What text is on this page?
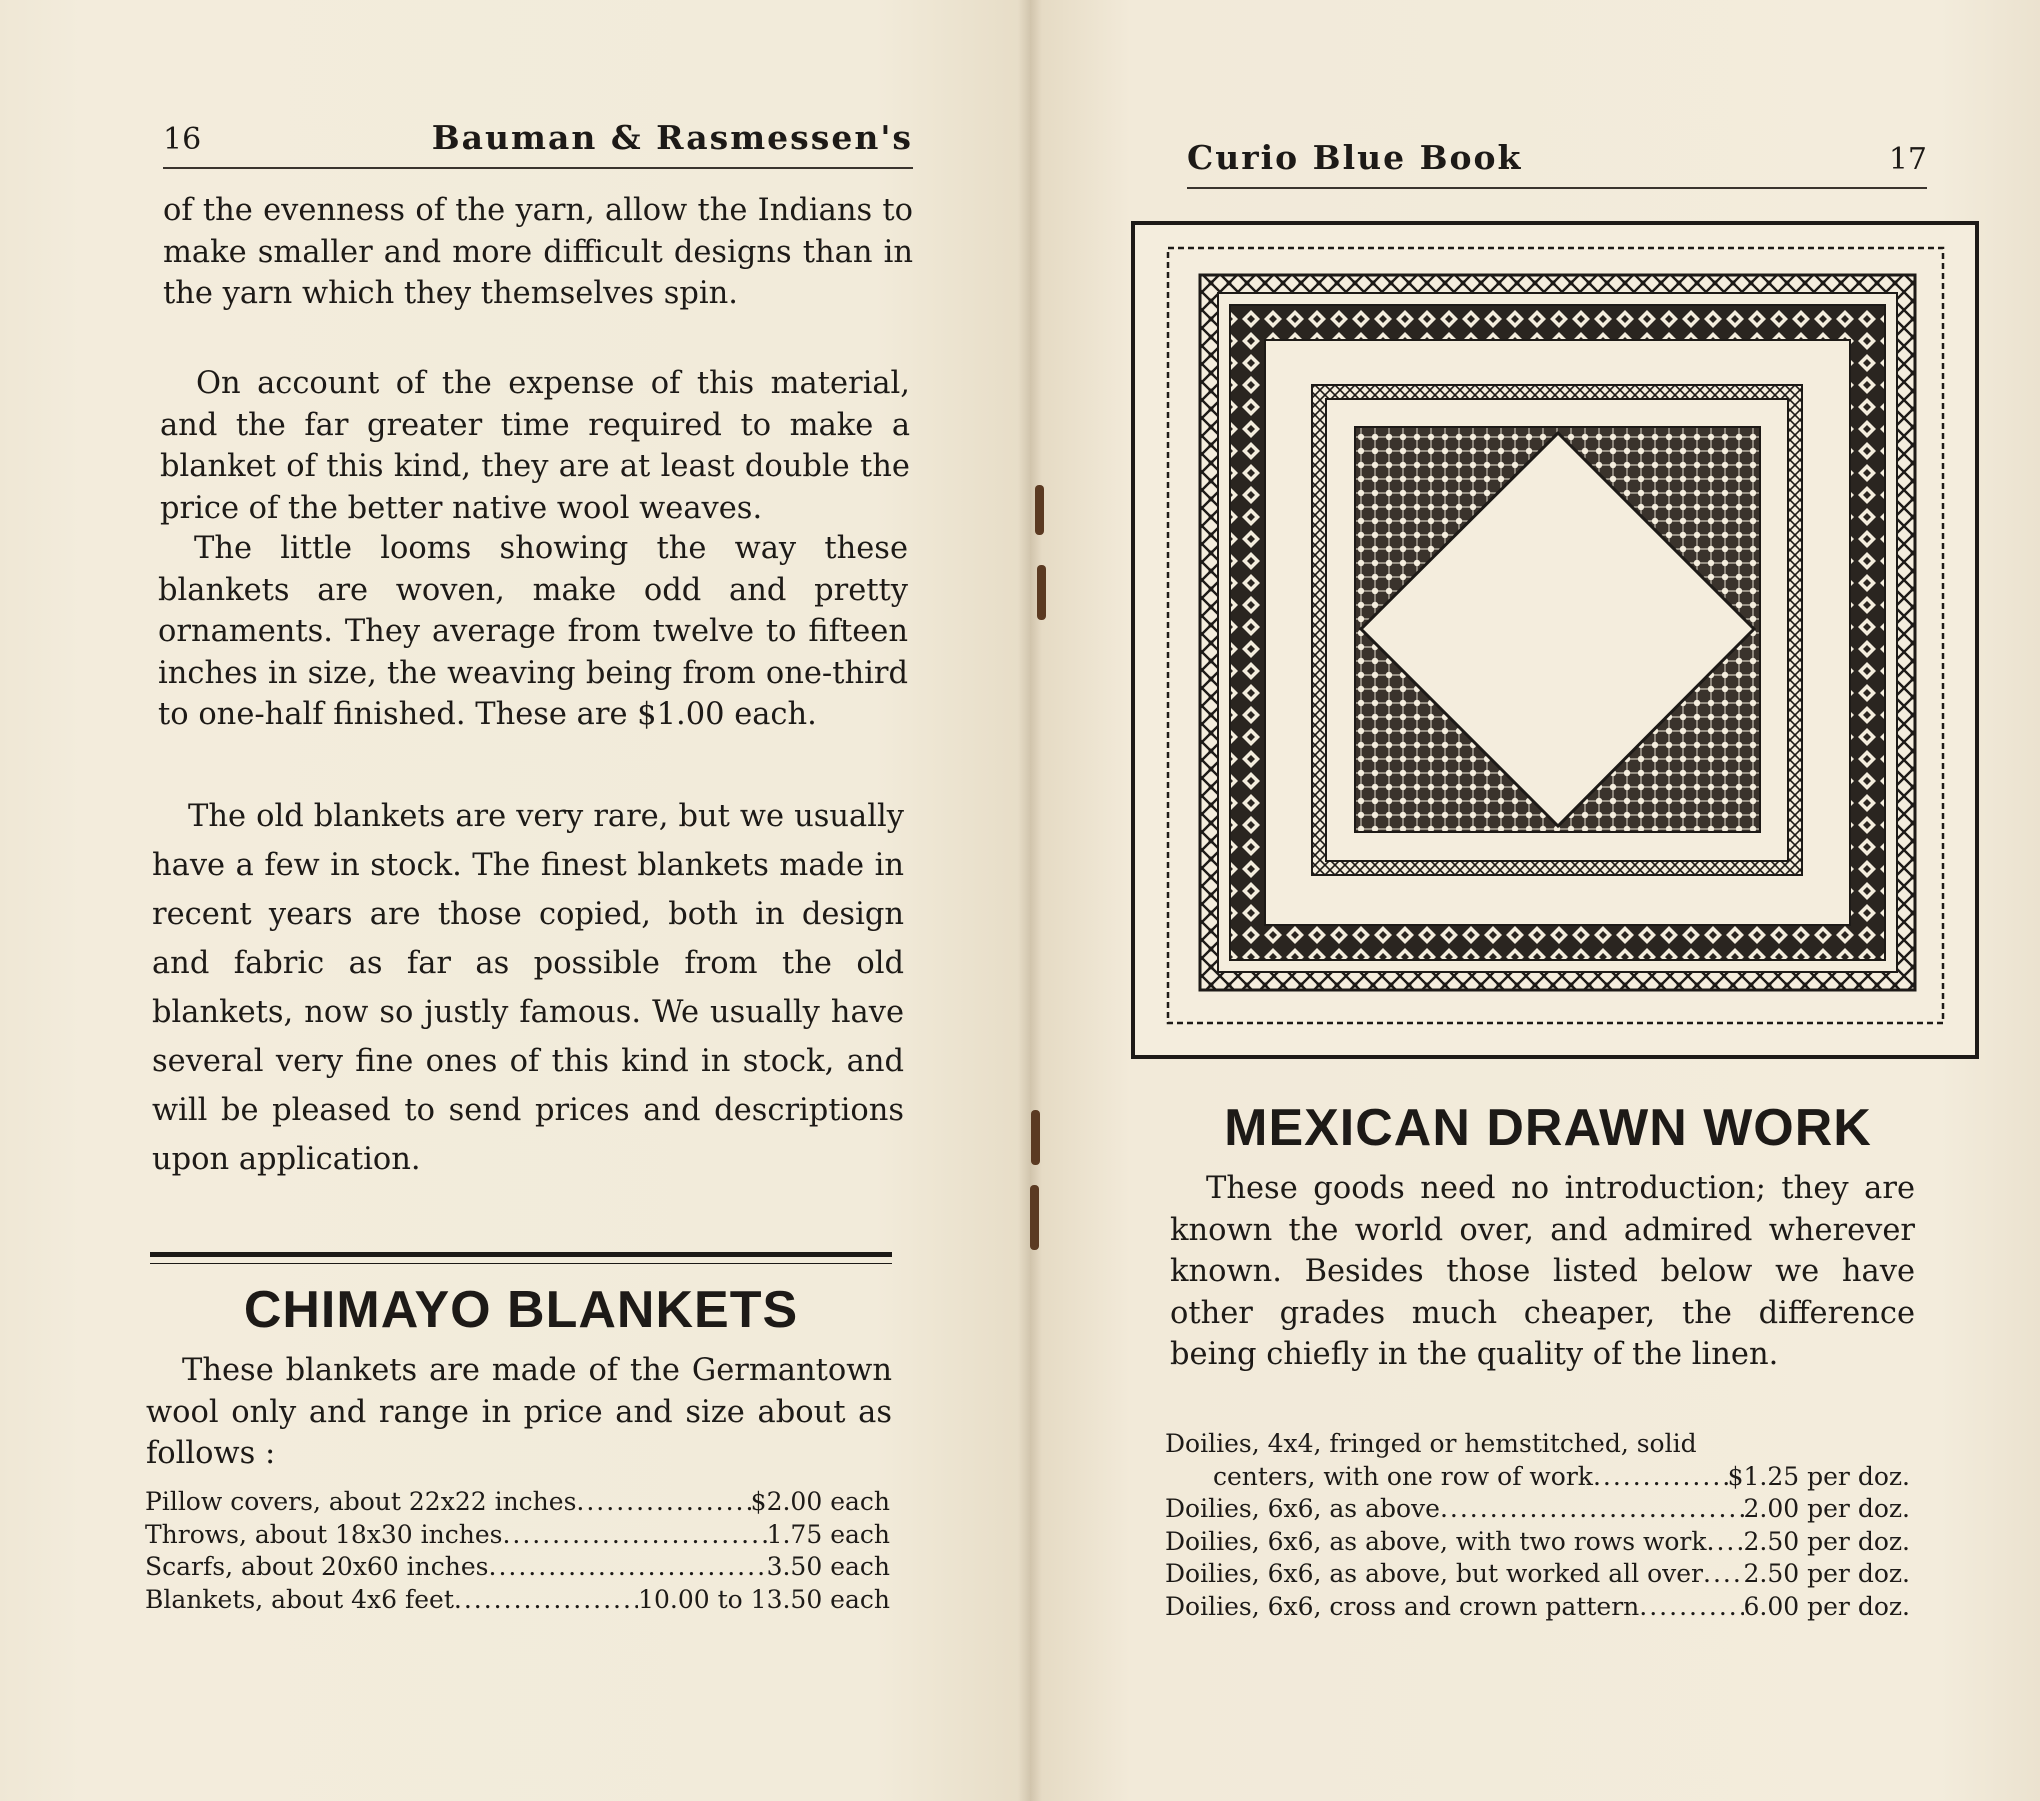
16	Bauman & Rasmessen's

of the evenness of the yarn, allow the Indians to make smaller and more difficult designs than in the yarn which they themselves spin.

On account of the expense of this material, and the far greater time required to make a blanket of this kind, they are at least double the price of the better native wool weaves.

The little looms showing the way these blankets are woven, make odd and pretty ornaments. They average from twelve to fifteen inches in size, the weaving being from one-third to one-half finished. These are $1.00 each.

The old blankets are very rare, but we usually have a few in stock. The finest blankets made in recent years are those copied, both in design and fabric as far as possible from the old blankets, now so justly famous. We usually have several very fine ones of this kind in stock, and will be pleased to send prices and descriptions upon application.

CHIMAYO BLANKETS

These blankets are made of the Germantown wool only and range in price and size about as follows :

Pillow covers, about 22x22 inches .....	$2.00 each
Throws, about 18x30 inches .....	1.75 each
Scarfs, about 20x60 inches .....	3.50 each
Blankets, about 4x6 feet .....	10.00 to 13.50 each
Curio Blue Book	17
MEXICAN DRAWN WORK

These goods need no introduction; they are known the world over, and admired wherever known. Besides those listed below we have other grades much cheaper, the difference being chiefly in the quality of the linen.

Doilies, 4x4, fringed or hemstitched, solid
centers, with one row of work .....	$1.25 per doz.
Doilies, 6x6, as above .....	2.00 per doz.
Doilies, 6x6, as above, with two rows work ..... 2.50 per doz.
Doilies, 6x6, as above, but worked all over ..... 2.50 per doz.
Doilies, 6x6, cross and crown pattern .....	6.00 per doz.
